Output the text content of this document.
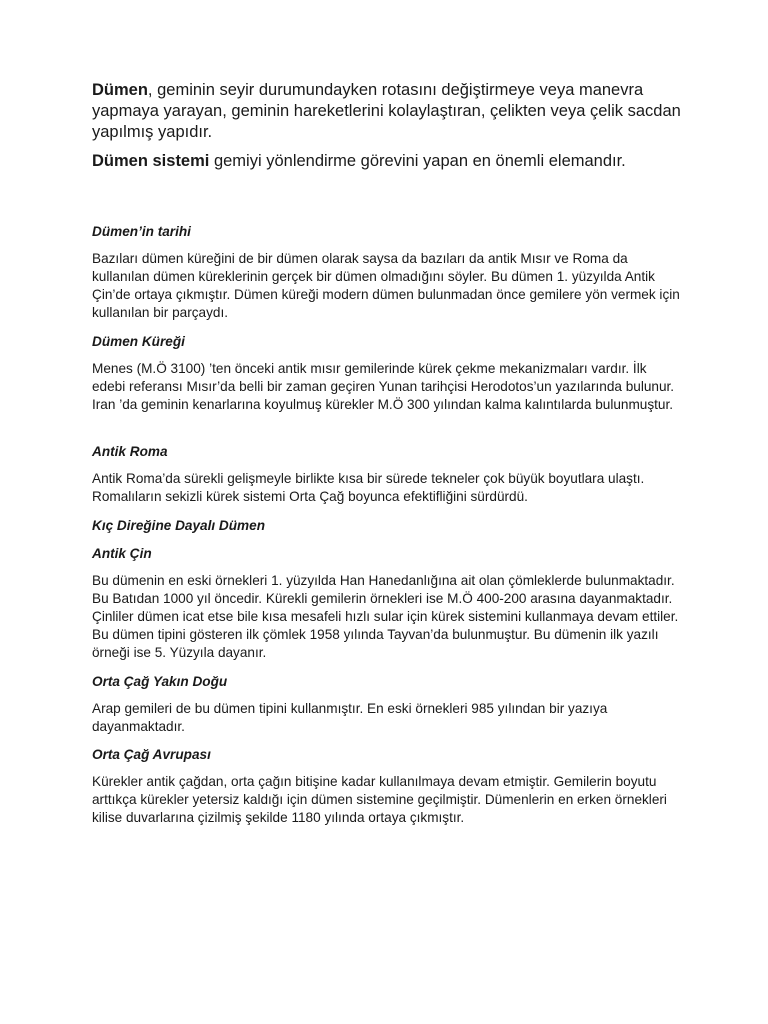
Dümen, geminin seyir durumundayken rotasını değiştirmeye veya manevra yapmaya yarayan, geminin hareketlerini kolaylaştıran, çelikten veya çelik sacdan yapılmış yapıdır.

Dümen sistemi gemiyi yönlendirme görevini yapan en önemli elemandır.

Dümen’in tarihi

Bazıları dümen küreğini de bir dümen olarak saysa da bazıları da antik Mısır ve Roma da kullanılan dümen küreklerinin gerçek bir dümen olmadığını söyler. Bu dümen 1. yüzyılda Antik Çin’de ortaya çıkmıştır. Dümen küreği modern dümen bulunmadan önce gemilere yön vermek için kullanılan bir parçaydı.

Dümen Küreği

Menes (M.Ö 3100) ’ten önceki antik mısır gemilerinde kürek çekme mekanizmaları vardır. İlk edebi referansı Mısır’da belli bir zaman geçiren Yunan tarihçisi Herodotos’un yazılarında bulunur. Iran ’da geminin kenarlarına koyulmuş kürekler M.Ö 300 yılından kalma kalıntılarda bulunmuştur.

Antik Roma

Antik Roma’da sürekli gelişmeyle birlikte kısa bir sürede tekneler çok büyük boyutlara ulaştı. Romalıların sekizli kürek sistemi Orta Çağ boyunca efektifliğini sürdürdü.

Kıç Direğine Dayalı Dümen

Antik Çin

Bu dümenin en eski örnekleri 1. yüzyılda Han Hanedanlığına ait olan çömleklerde bulunmaktadır. Bu Batıdan 1000 yıl öncedir. Kürekli gemilerin örnekleri ise M.Ö 400-200 arasına dayanmaktadır. Çinliler dümen icat etse bile kısa mesafeli hızlı sular için kürek sistemini kullanmaya devam ettiler. Bu dümen tipini gösteren ilk çömlek 1958 yılında Tayvan’da bulunmuştur. Bu dümenin ilk yazılı örneği ise 5. Yüzyıla dayanır.

Orta Çağ Yakın Doğu

Arap gemileri de bu dümen tipini kullanmıştır. En eski örnekleri 985 yılından bir yazıya dayanmaktadır.

Orta Çağ Avrupası

Kürekler antik çağdan, orta çağın bitişine kadar kullanılmaya devam etmiştir. Gemilerin boyutu arttıkça kürekler yetersiz kaldığı için dümen sistemine geçilmiştir. Dümenlerin en erken örnekleri kilise duvarlarına çizilmiş şekilde 1180 yılında ortaya çıkmıştır.
